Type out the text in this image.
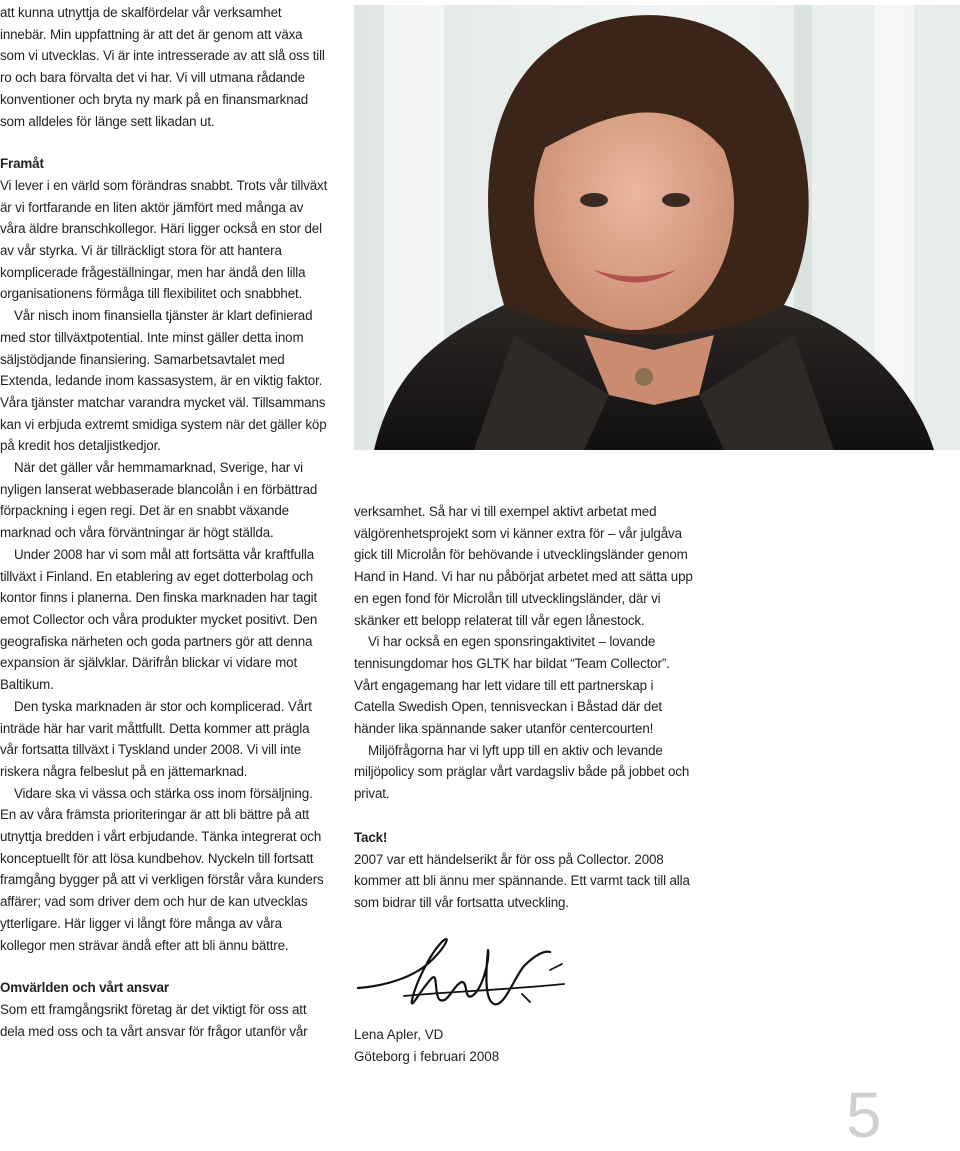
att kunna utnyttja de skalfördelar vår verksamhet innebär. Min uppfattning är att det är genom att växa som vi utvecklas. Vi är inte intresserade av att slå oss till ro och bara förvalta det vi har. Vi vill utmana rådande konventioner och bryta ny mark på en finansmarknad som alldeles för länge sett likadan ut.

Framåt

Vi lever i en värld som förändras snabbt. Trots vår tillväxt är vi fortfarande en liten aktör jämfört med många av våra äldre branschkollegor. Häri ligger också en stor del av vår styrka. Vi är tillräckligt stora för att hantera komplicerade frågeställningar, men har ändå den lilla organisationens förmåga till flexibilitet och snabbhet.

Vår nisch inom finansiella tjänster är klart definierad med stor tillväxtpotential. Inte minst gäller detta inom säljstödjande finansiering. Samarbetsavtalet med Extenda, ledande inom kassasystem, är en viktig faktor. Våra tjänster matchar varandra mycket väl. Tillsammans kan vi erbjuda extremt smidiga system när det gäller köp på kredit hos detaljistkedjor.

När det gäller vår hemmamarknad, Sverige, har vi nyligen lanserat webbaserade blancolån i en förbättrad förpackning i egen regi. Det är en snabbt växande marknad och våra förväntningar är högt ställda.

Under 2008 har vi som mål att fortsätta vår kraftfulla tillväxt i Finland. En etablering av eget dotterbolag och kontor finns i planerna. Den finska marknaden har tagit emot Collector och våra produkter mycket positivt. Den geografiska närheten och goda partners gör att denna expansion är självklar. Därifrån blickar vi vidare mot Baltikum.

Den tyska marknaden är stor och komplicerad. Vårt inträde här har varit måttfullt. Detta kommer att prägla vår fortsatta tillväxt i Tyskland under 2008. Vi vill inte riskera några felbeslut på en jättemarknad.

Vidare ska vi vässa och stärka oss inom försäljning. En av våra främsta prioriteringar är att bli bättre på att utnyttja bredden i vårt erbjudande. Tänka integrerat och konceptuellt för att lösa kundbehov. Nyckeln till fortsatt framgång bygger på att vi verkligen förstår våra kunders affärer; vad som driver dem och hur de kan utvecklas ytterligare. Här ligger vi långt före många av våra kollegor men strävar ändå efter att bli ännu bättre.

Omvärlden och vårt ansvar

Som ett framgångsrikt företag är det viktigt för oss att dela med oss och ta vårt ansvar för frågor utanför vår

verksamhet. Så har vi till exempel aktivt arbetat med välgörenhetsprojekt som vi känner extra för – vår julgåva gick till Microlån för behövande i utvecklingsländer genom Hand in Hand. Vi har nu påbörjat arbetet med att sätta upp en egen fond för Microlån till utvecklingsländer, där vi skänker ett belopp relaterat till vår egen lånestock.

Vi har också en egen sponsringaktivitet – lovande tennisungdomar hos GLTK har bildat “Team Collector”. Vårt engagemang har lett vidare till ett partnerskap i Catella Swedish Open, tennisveckan i Båstad där det händer lika spännande saker utanför centercourten!

Miljöfrågorna har vi lyft upp till en aktiv och levande miljöpolicy som präglar vårt vardagsliv både på jobbet och privat.

Tack!

2007 var ett händelserikt år för oss på Collector. 2008 kommer att bli ännu mer spännande. Ett varmt tack till alla som bidrar till vår fortsatta utveckling.

Lena Apler, VD

Göteborg i februari 2008

5
